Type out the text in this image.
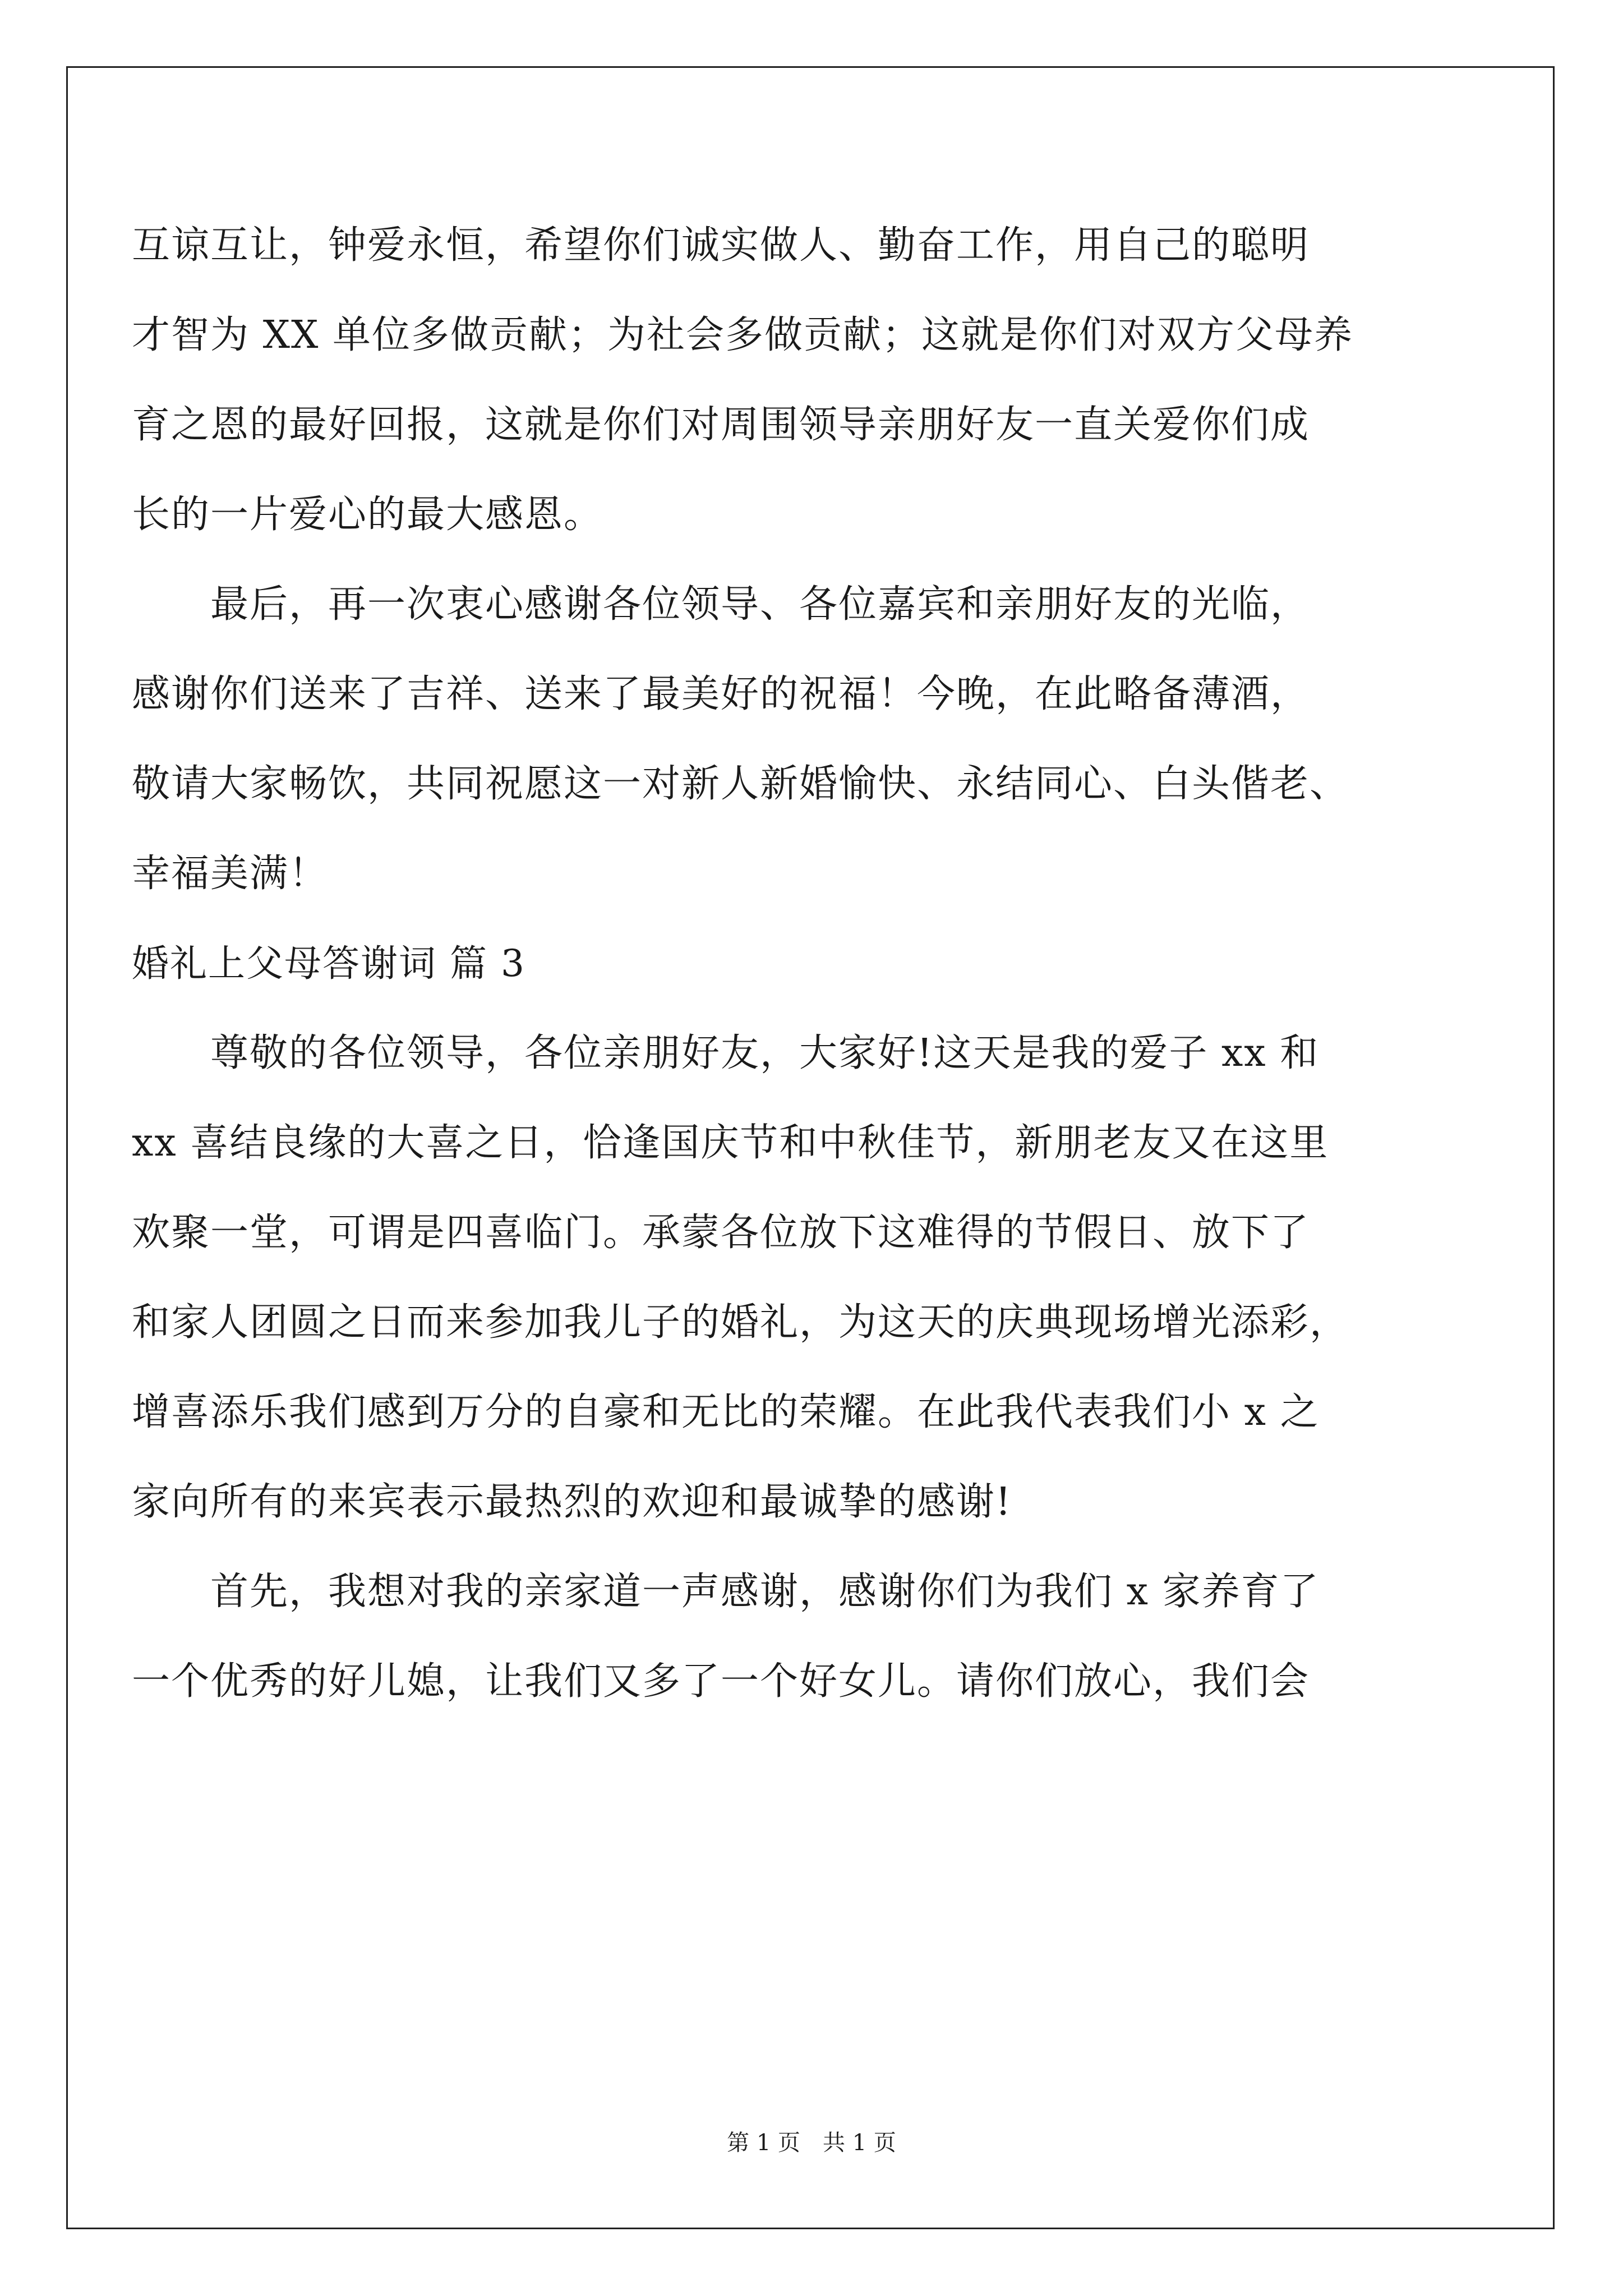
互谅互让，钟爱永恒，希望你们诚实做人、勤奋工作，用自己的聪明
才智为 XX 单位多做贡献；为社会多做贡献；这就是你们对双方父母养
育之恩的最好回报，这就是你们对周围领导亲朋好友一直关爱你们成
长的一片爱心的最大感恩。
最后，再一次衷心感谢各位领导、各位嘉宾和亲朋好友的光临，
感谢你们送来了吉祥、送来了最美好的祝福！今晚，在此略备薄酒，
敬请大家畅饮，共同祝愿这一对新人新婚愉快、永结同心、白头偕老、
幸福美满！
婚礼上父母答谢词 篇 3
尊敬的各位领导，各位亲朋好友，大家好!这天是我的爱子 xx 和
xx 喜结良缘的大喜之日，恰逢国庆节和中秋佳节，新朋老友又在这里
欢聚一堂，可谓是四喜临门。承蒙各位放下这难得的节假日、放下了
和家人团圆之日而来参加我儿子的婚礼，为这天的庆典现场增光添彩，
增喜添乐我们感到万分的自豪和无比的荣耀。在此我代表我们小 x 之
家向所有的来宾表示最热烈的欢迎和最诚挚的感谢!
首先，我想对我的亲家道一声感谢，感谢你们为我们 x 家养育了
一个优秀的好儿媳，让我们又多了一个好女儿。请你们放心，我们会
第 1 页　共 1 页
